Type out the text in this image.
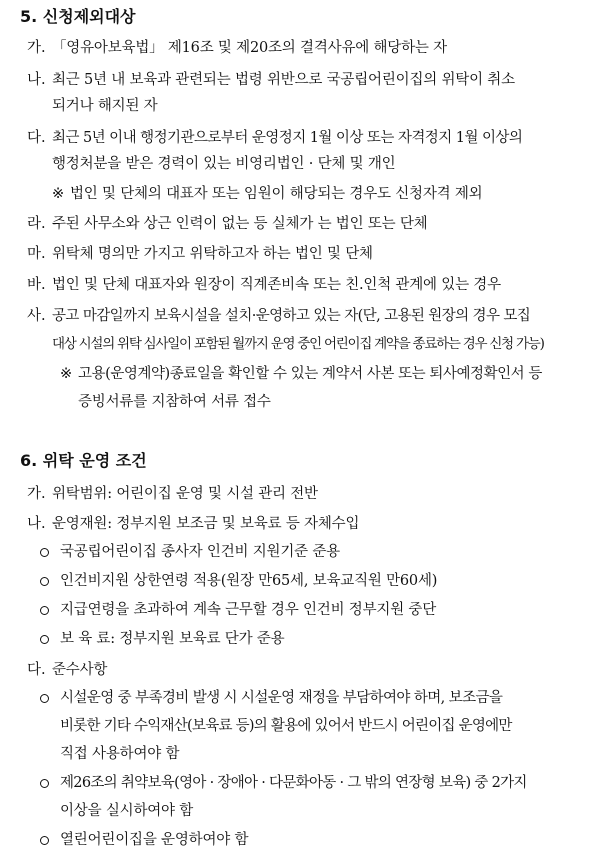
5. 신청제외대상
가. 「영유아보육법」 제16조 및 제20조의 결격사유에 해당하는 자
나. 최근 5년 내 보육과 관련되는 법령 위반으로 국공립어린이집의 위탁이 취소
되거나 해지된 자
다. 최근 5년 이내 행정기관으로부터 운영정지 1월 이상 또는 자격정지 1월 이상의
행정처분을 받은 경력이 있는 비영리법인 · 단체 및 개인
※ 법인 및 단체의 대표자 또는 임원이 해당되는 경우도 신청자격 제외
라. 주된 사무소와 상근 인력이 없는 등 실체가 는 법인 또는 단체
마. 위탁체 명의만 가지고 위탁하고자 하는 법인 및 단체
바. 법인 및 단체 대표자와 원장이 직계존비속 또는 친.인척 관계에 있는 경우
사. 공고 마감일까지 보육시설을 설치·운영하고 있는 자(단, 고용된 원장의 경우 모집
대상 시설의 위탁 심사일이 포함된 월까지 운영 중인 어린이집 계약을 종료하는 경우 신청 가능)
※ 고용(운영계약)종료일을 확인할 수 있는 계약서 사본 또는 퇴사예정확인서 등
증빙서류를 지참하여 서류 접수
6. 위탁 운영 조건
가. 위탁범위: 어린이집 운영 및 시설 관리 전반
나. 운영재원: 정부지원 보조금 및 보육료 등 자체수입
국공립어린이집 종사자 인건비 지원기준 준용
인건비지원 상한연령 적용(원장 만65세, 보육교직원 만60세)
지급연령을 초과하여 계속 근무할 경우 인건비 정부지원 중단
보 육 료: 정부지원 보육료 단가 준용
다. 준수사항
시설운영 중 부족경비 발생 시 시설운영 재정을 부담하여야 하며, 보조금을
비롯한 기타 수익재산(보육료 등)의 활용에 있어서 반드시 어린이집 운영에만
직접 사용하여야 함
제26조의 취약보육(영아 · 장애아 · 다문화아동 · 그 밖의 연장형 보육) 중 2가지
이상을 실시하여야 함
열린어린이집을 운영하여야 함
